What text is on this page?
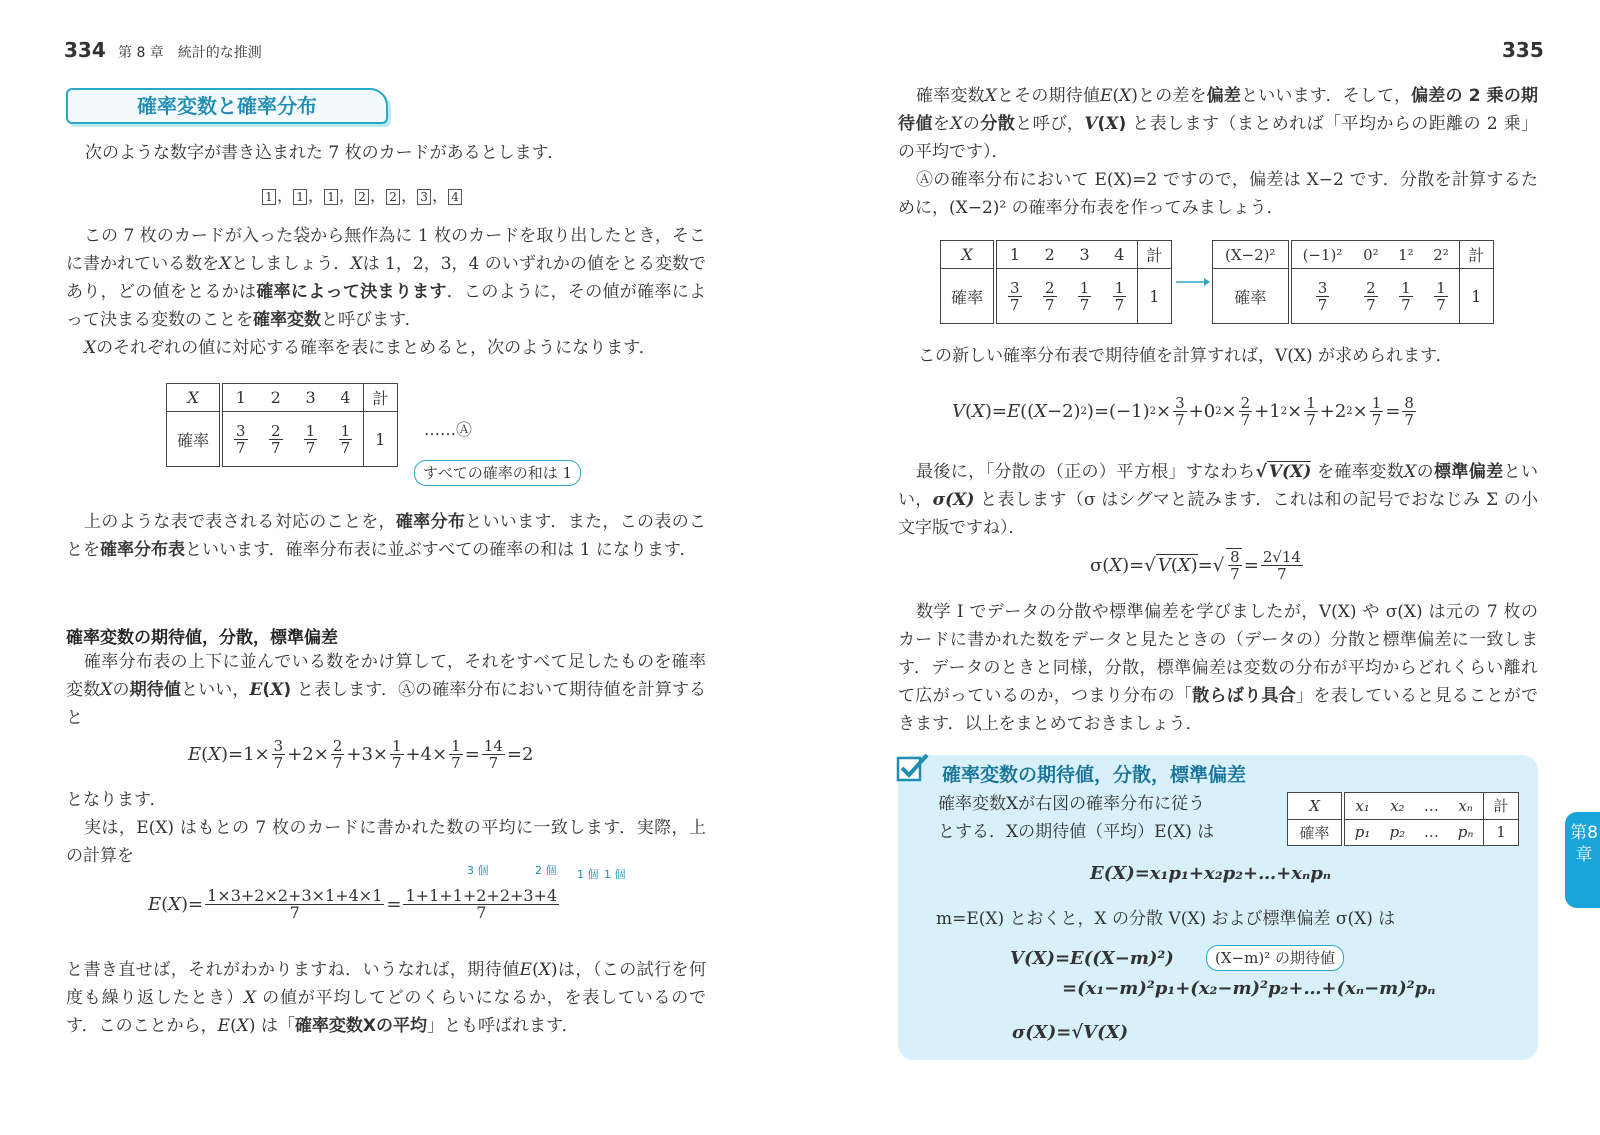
334 第 8 章　統計的な推測	335
確率変数と確率分布

次のような数字が書き込まれた 7 枚のカードがあるとします．

1 ， 1 ， 1 ， 2 ， 2 ， 3 ， 4

この 7 枚のカードが入った袋から無作為に 1 枚のカードを取り出したとき，そこに書かれている数をXとしましょう．Xは 1，2，3，4 のいずれかの値をとる変数であり，どの値をとるかは確率によって決まります．このように，その値が確率によって決まる変数のことを確率変数と呼びます．

Xのそれぞれの値に対応する確率を表にまとめると，次のようになります．

X	1	2	3	4	計
確率	$\frac{3}{7}$	$\frac{2}{7}$	$\frac{1}{7}$	$\frac{1}{7}$	1 ……Ⓐ
すべての確率の和は 1

上のような表で表される対応のことを，確率分布といいます．また，この表のことを確率分布表といいます．確率分布表に並ぶすべての確率の和は 1 になります．

確率変数の期待値，分散，標準偏差

確率分布表の上下に並んでいる数をかけ算して，それをすべて足したものを確率変数Xの期待値といい，E(X) と表します．Ⓐの確率分布において期待値を計算すると

E ( X )$=1\times \frac{3}{7} +2\times \frac{2}{7} +3\times \frac{1}{7} +4\times \frac{1}{7} = \frac{14}{7} =2$

となります．

実は，E(X) はもとの 7 枚のカードに書かれた数の平均に一致します．実際，上の計算を

3 個	2 個 1 個 1 個
E ( X )= $\frac{1\times 3+2\times 2+3\times 1+4\times 1}{7} = \frac{1+1+1+2+2+3+4}{7}$

と書き直せば，それがわかりますね．いうなれば，期待値E(X)は，（この試行を何度も繰り返したとき）X の値が平均してどのくらいになるか，を表しているのです．このことから，E(X) は「確率変数Xの平均」とも呼ばれます．

確率変数Xとその期待値E(X)との差を偏差といいます．そして，偏差の 2 乗の期待値をXの分散と呼び，V(X) と表します（まとめれば「平均からの距離の 2 乗」の平均です）．

Ⓐの確率分布において E(X)=2 ですので，偏差は X−2 です．分散を計算するために，(X−2)² の確率分布表を作ってみましょう．

X	1	2	3	4	計
確率	$\frac{3}{7}$	$\frac{2}{7}$	$\frac{1}{7}$	$\frac{1}{7}$	1
(X−2)²	(−1)²	0²	1²	2²	計
確率	$\frac{3}{7}$	$\frac{2}{7}$	$\frac{1}{7}$	$\frac{1}{7}$	1

この新しい確率分布表で期待値を計算すれば，V(X) が求められます．

V ( X )= E (( X −2) 2 )=(−1) $2 \times \frac{3}{7} +0$ $2 \times \frac{2}{7} +1$ $2 \times \frac{1}{7} +2$ $2 \times \frac{1}{7} = \frac{8}{7}$

最後に，「分散の（正の）平方根」すなわち√ V(X) を確率変数Xの標準偏差といい，σ(X) と表します（σ はシグマと読みます．これは和の記号でおなじみ Σ の小文字版ですね）．

σ( X )=√ V(X) =√ $\frac{8}{7} = \frac{2√14}{7}$

数学 I でデータの分散や標準偏差を学びましたが，V(X) や σ(X) は元の 7 枚のカードに書かれた数をデータと見たときの（データの）分散と標準偏差に一致します．データのときと同様，分散，標準偏差は変数の分布が平均からどれくらい離れて広がっているのか，つまり分布の「散らばり具合」を表していると見ることができます．以上をまとめておきましょう．

確率変数の期待値，分散，標準偏差
確率変数Xが右図の確率分布に従う
とする．Xの期待値（平均）E(X) は
X	x₁	x₂	…	xₙ	計
確率	p₁	p₂	…	pₙ	1
E(X)=x₁p₁+x₂p₂+…+xₙpₙ
m=E(X) とおくと，X の分散 V(X) および標準偏差 σ(X) は
V(X)=E((X−m)²)	(X−m)² の期待値
=(x₁−m)²p₁+(x₂−m)²p₂+…+(xₙ−m)²pₙ
σ(X)=√V(X)
第8章
